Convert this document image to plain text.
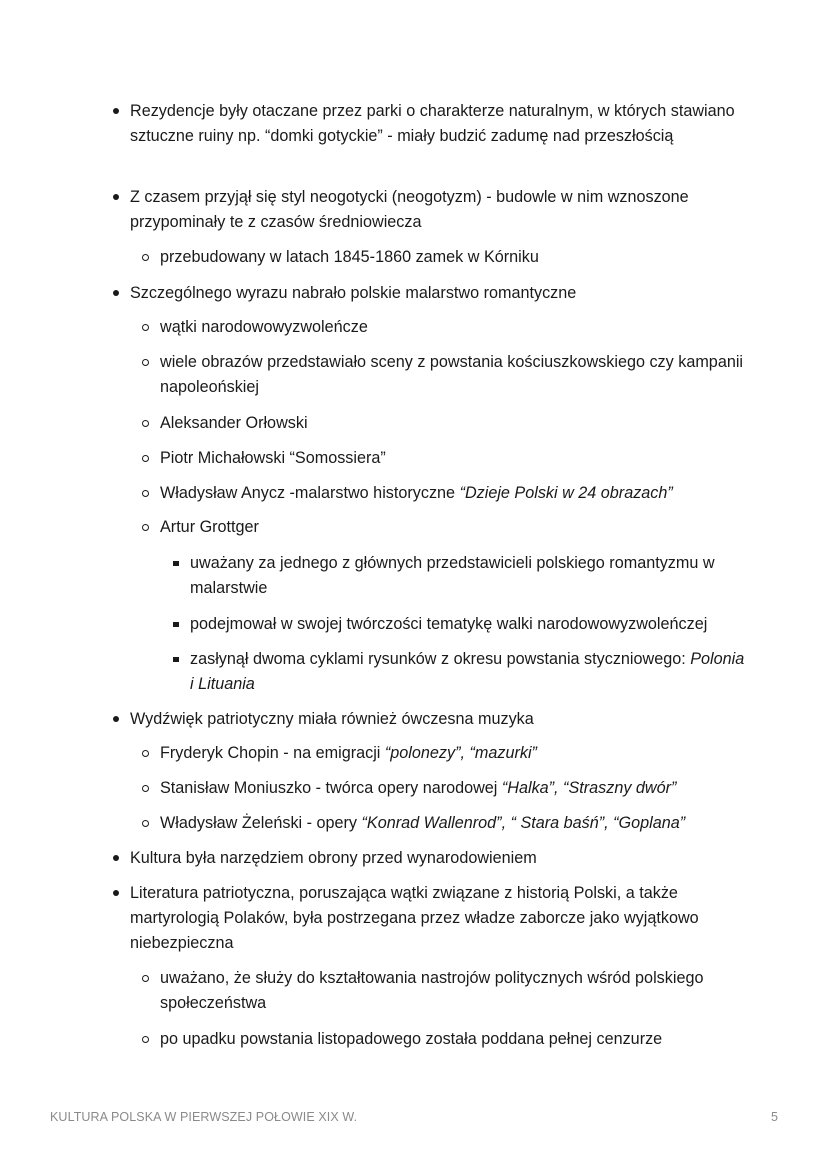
Rezydencje były otaczane przez parki o charakterze naturalnym, w których stawiano sztuczne ruiny np. “domki gotyckie” - miały budzić zadumę nad przeszłością
Z czasem przyjął się styl neogotycki (neogotyzm) - budowle w nim wznoszone przypominały te z czasów średniowiecza
przebudowany w latach 1845-1860 zamek w Kórniku
Szczególnego wyrazu nabrało polskie malarstwo romantyczne
wątki narodowowyzwoleńcze
wiele obrazów przedstawiało sceny z powstania kościuszkowskiego czy kampanii napoleońskiej
Aleksander Orłowski
Piotr Michałowski “Somossiera”
Władysław Anycz -malarstwo historyczne “Dzieje Polski w 24 obrazach”
Artur Grottger
uważany za jednego z głównych przedstawicieli polskiego romantyzmu w malarstwie
podejmował w swojej twórczości tematykę walki narodowowyzwoleńczej
zasłynął dwoma cyklami rysunków z okresu powstania styczniowego: Polonia i Lituania
Wydźwięk patriotyczny miała również ówczesna muzyka
Fryderyk Chopin - na emigracji “polonezy”, “mazurki”
Stanisław Moniuszko - twórca opery narodowej “Halka”, “Straszny dwór”
Władysław Żeleński - opery “Konrad Wallenrod”, “ Stara baśń”, “Goplana”
Kultura była narzędziem obrony przed wynarodowieniem
Literatura patriotyczna, poruszająca wątki związane z historią Polski, a także martyrologią Polaków, była postrzegana przez władze zaborcze jako wyjątkowo niebezpieczna
uważano, że służy do kształtowania nastrojów politycznych wśród polskiego społeczeństwa
po upadku powstania listopadowego została poddana pełnej cenzurze
KULTURA POLSKA W PIERWSZEJ POŁOWIE XIX W.	5
